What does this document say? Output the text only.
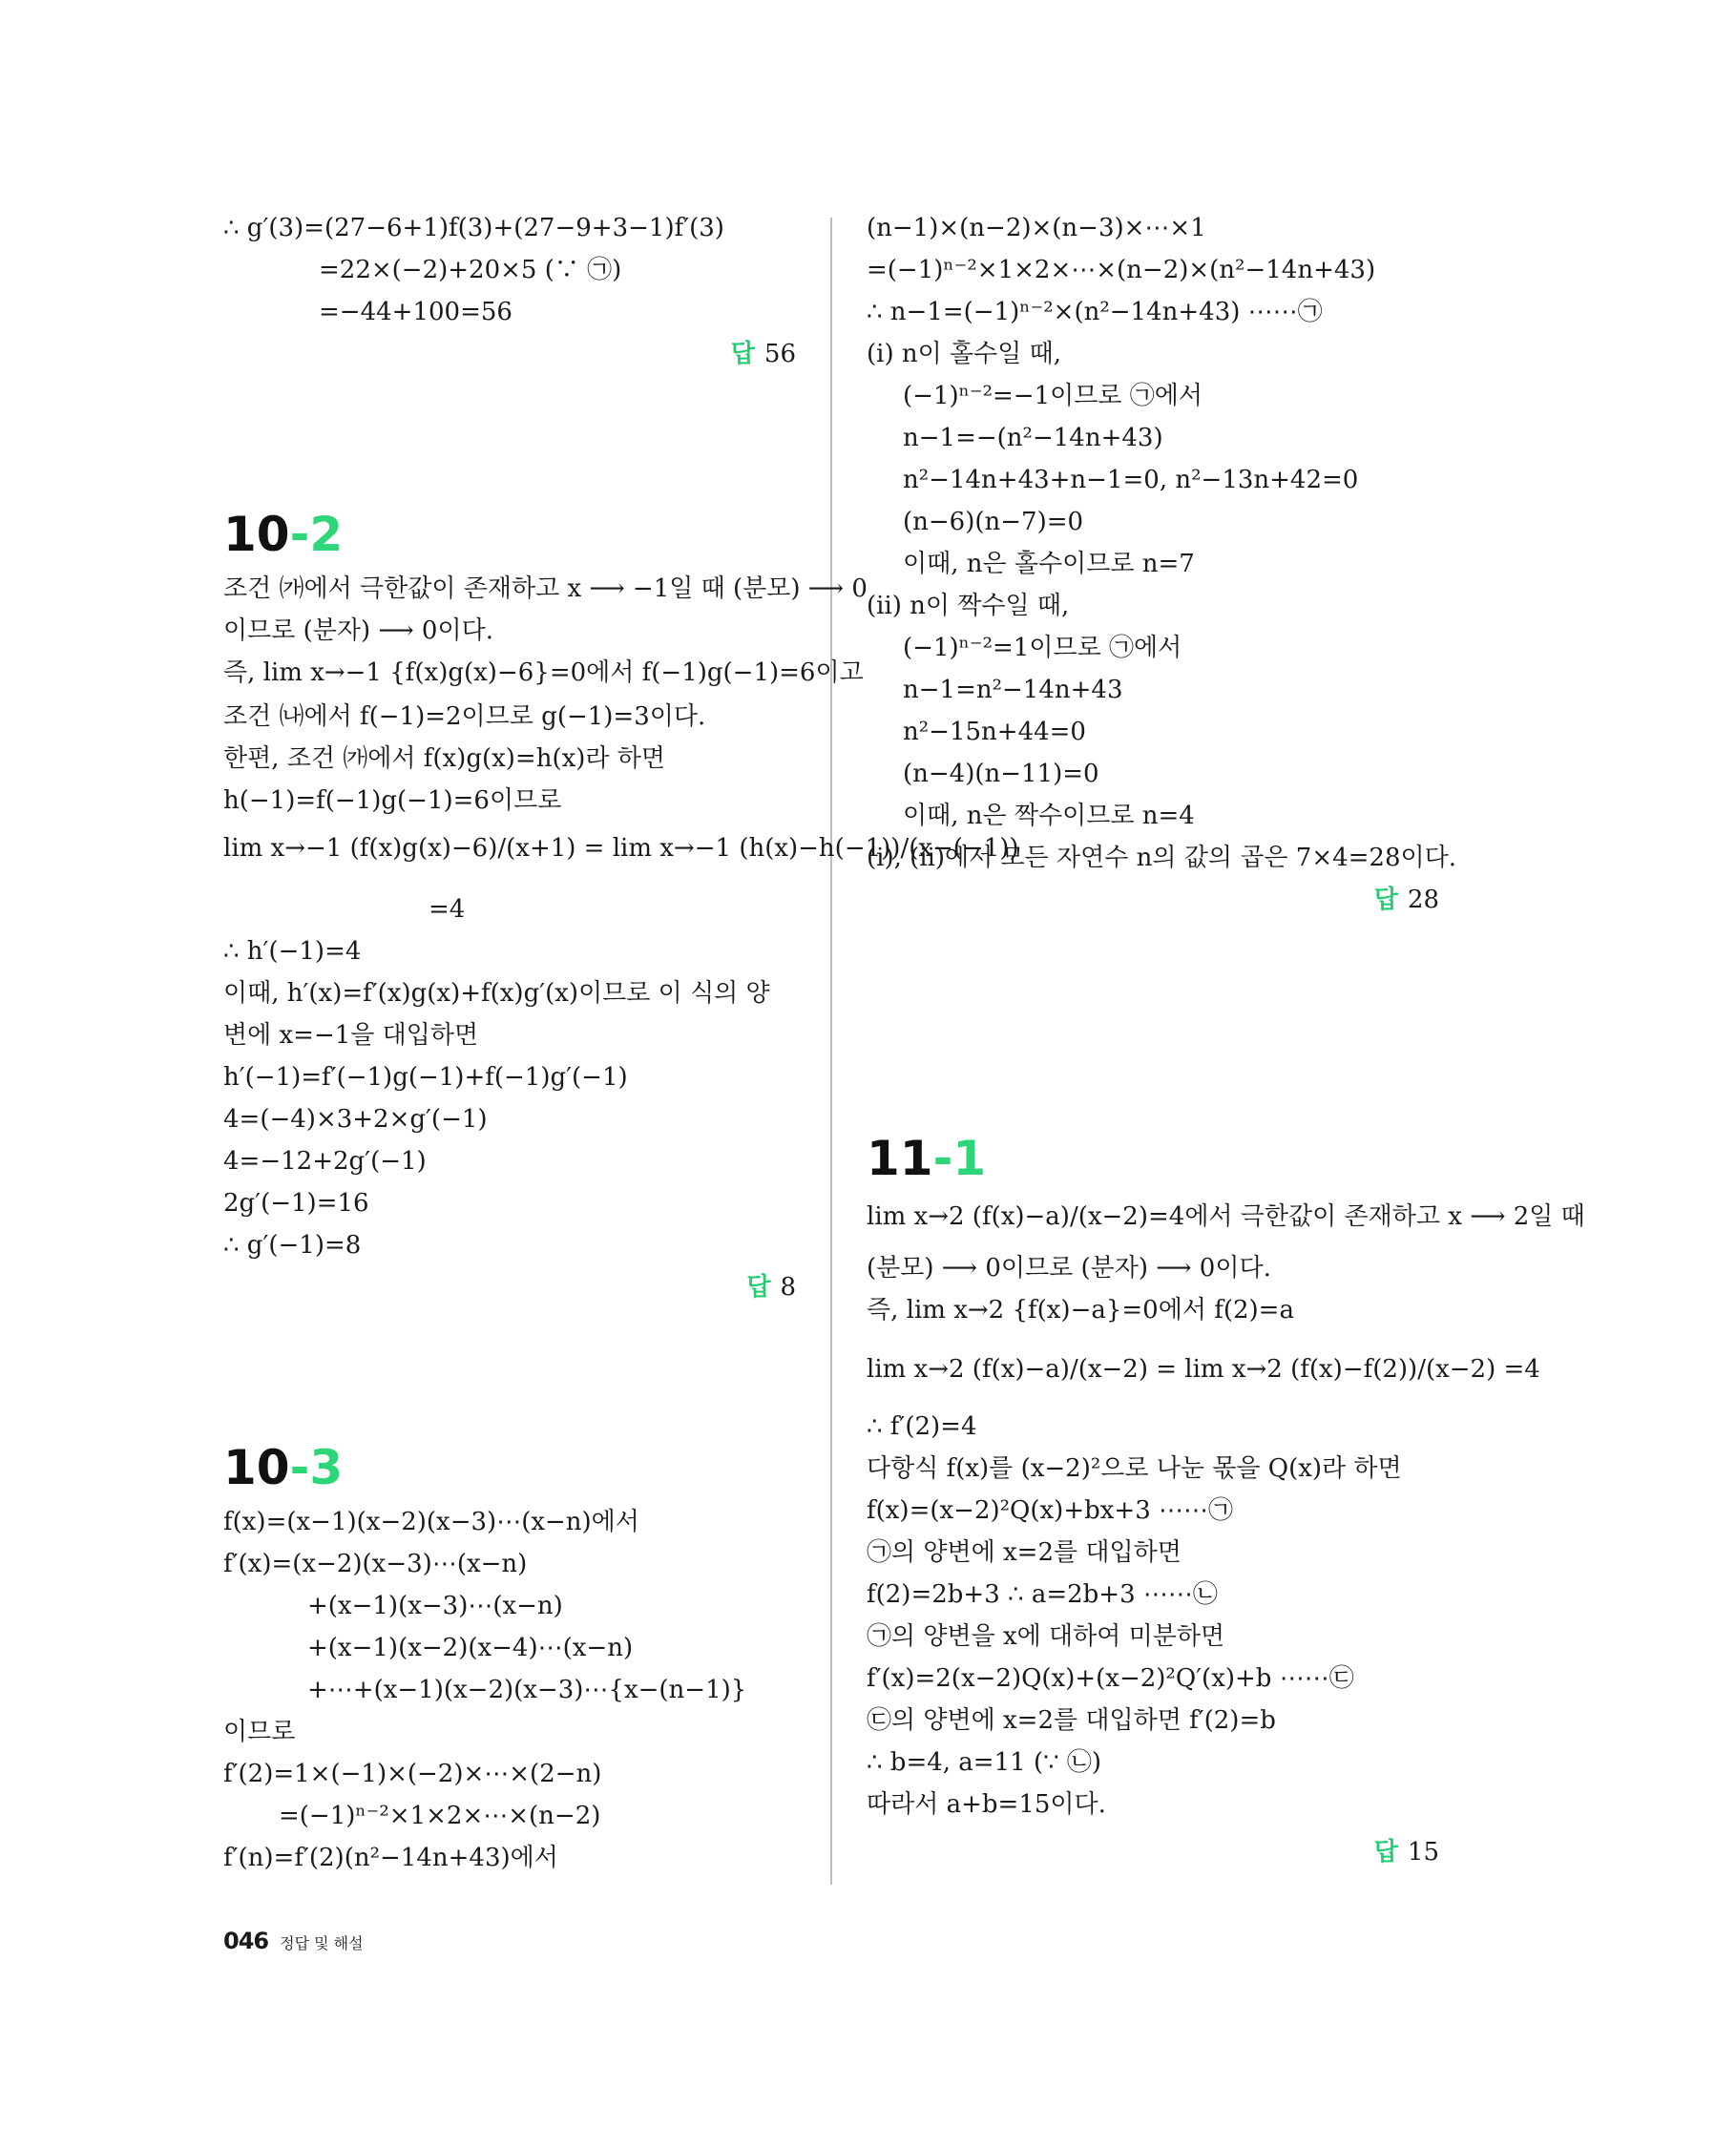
∴ g′(3)=(27−6+1)f(3)+(27−9+3−1)f′(3)
=22×(−2)+20×5 (∵ ㉠)
=−44+100=56
답 56
10-2
조건 ㈎에서 극한값이 존재하고 x ⟶ −1일 때 (분모) ⟶ 0
이므로 (분자) ⟶ 0이다.
즉, lim x→−1 {f(x)g(x)−6}=0에서 f(−1)g(−1)=6이고
조건 ㈏에서 f(−1)=2이므로 g(−1)=3이다.
한편, 조건 ㈎에서 f(x)g(x)=h(x)라 하면
h(−1)=f(−1)g(−1)=6이므로
lim x→−1 (f(x)g(x)−6)/(x+1) = lim x→−1 (h(x)−h(−1))/(x−(−1))
=4
∴ h′(−1)=4
이때, h′(x)=f′(x)g(x)+f(x)g′(x)이므로 이 식의 양
변에 x=−1을 대입하면
h′(−1)=f′(−1)g(−1)+f(−1)g′(−1)
4=(−4)×3+2×g′(−1)
4=−12+2g′(−1)
2g′(−1)=16
∴ g′(−1)=8
답 8
10-3
f(x)=(x−1)(x−2)(x−3)⋯(x−n)에서
f′(x)=(x−2)(x−3)⋯(x−n)
+(x−1)(x−3)⋯(x−n)
+(x−1)(x−2)(x−4)⋯(x−n)
+⋯+(x−1)(x−2)(x−3)⋯{x−(n−1)}
이므로
f′(2)=1×(−1)×(−2)×⋯×(2−n)
=(−1)ⁿ⁻²×1×2×⋯×(n−2)
f′(n)=f′(2)(n²−14n+43)에서
(n−1)×(n−2)×(n−3)×⋯×1
=(−1)ⁿ⁻²×1×2×⋯×(n−2)×(n²−14n+43)
∴ n−1=(−1)ⁿ⁻²×(n²−14n+43) ⋯⋯㉠
(ⅰ) n이 홀수일 때,
(−1)ⁿ⁻²=−1이므로 ㉠에서
n−1=−(n²−14n+43)
n²−14n+43+n−1=0, n²−13n+42=0
(n−6)(n−7)=0
이때, n은 홀수이므로 n=7
(ⅱ) n이 짝수일 때,
(−1)ⁿ⁻²=1이므로 ㉠에서
n−1=n²−14n+43
n²−15n+44=0
(n−4)(n−11)=0
이때, n은 짝수이므로 n=4
(ⅰ), (ⅱ)에서 모든 자연수 n의 값의 곱은 7×4=28이다.
답 28
11-1
lim x→2 (f(x)−a)/(x−2)=4에서 극한값이 존재하고 x ⟶ 2일 때
(분모) ⟶ 0이므로 (분자) ⟶ 0이다.
즉, lim x→2 {f(x)−a}=0에서 f(2)=a
lim x→2 (f(x)−a)/(x−2) = lim x→2 (f(x)−f(2))/(x−2) =4
∴ f′(2)=4
다항식 f(x)를 (x−2)²으로 나눈 몫을 Q(x)라 하면
f(x)=(x−2)²Q(x)+bx+3 ⋯⋯㉠
㉠의 양변에 x=2를 대입하면
f(2)=2b+3 ∴ a=2b+3 ⋯⋯㉡
㉠의 양변을 x에 대하여 미분하면
f′(x)=2(x−2)Q(x)+(x−2)²Q′(x)+b ⋯⋯㉢
㉢의 양변에 x=2를 대입하면 f′(2)=b
∴ b=4, a=11 (∵ ㉡)
따라서 a+b=15이다.
답 15
046 정답 및 해설
